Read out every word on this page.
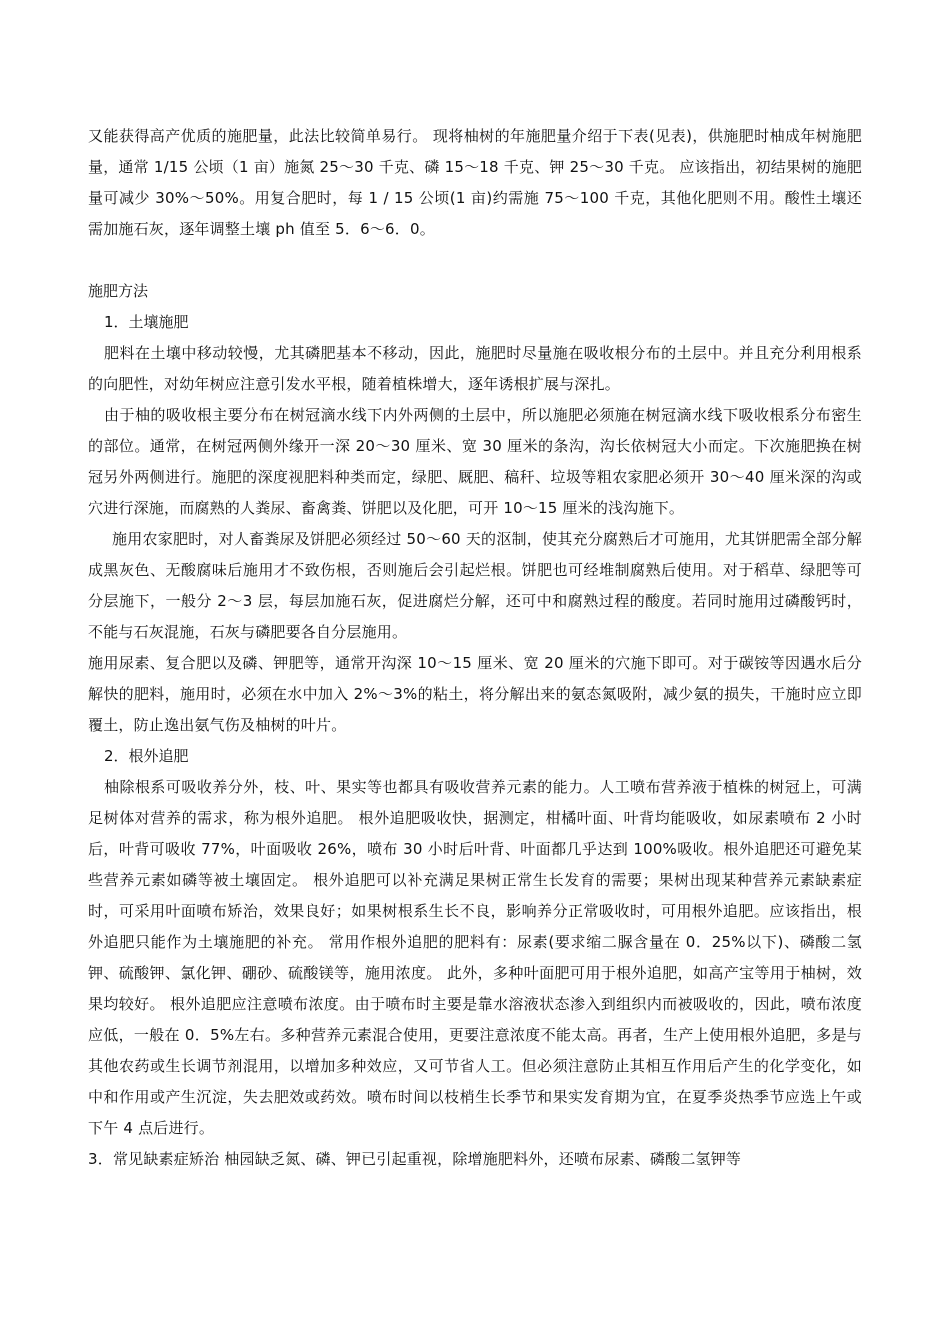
又能获得高产优质的施肥量，此法比较简单易行。 现将柚树的年施肥量介绍于下表(见表)，供施肥时柚成年树施肥量，通常 1/15 公顷（1 亩）施氮 25～30 千克、磷 15～18 千克、钾 25～30 千克。 应该指出，初结果树的施肥量可减少 30%～50%。用复合肥时，每 1 / 15 公顷(1 亩)约需施 75～100 千克，其他化肥则不用。酸性土壤还需加施石灰，逐年调整土壤 ph 值至 5．6～6．0。

施肥方法

1．土壤施肥

肥料在土壤中移动较慢，尤其磷肥基本不移动，因此，施肥时尽量施在吸收根分布的土层中。并且充分利用根系的向肥性，对幼年树应注意引发水平根，随着植株增大，逐年诱根扩展与深扎。

由于柚的吸收根主要分布在树冠滴水线下内外两侧的土层中，所以施肥必须施在树冠滴水线下吸收根系分布密生的部位。通常，在树冠两侧外缘开一深 20～30 厘米、宽 30 厘米的条沟，沟长依树冠大小而定。下次施肥换在树冠另外两侧进行。施肥的深度视肥料种类而定，绿肥、厩肥、稿秆、垃圾等粗农家肥必须开 30～40 厘米深的沟或穴进行深施，而腐熟的人粪尿、畜禽粪、饼肥以及化肥，可开 10～15 厘米的浅沟施下。

施用农家肥时，对人畜粪尿及饼肥必须经过 50～60 天的沤制，使其充分腐熟后才可施用，尤其饼肥需全部分解成黑灰色、无酸腐味后施用才不致伤根，否则施后会引起烂根。饼肥也可经堆制腐熟后使用。对于稻草、绿肥等可分层施下，一般分 2～3 层，每层加施石灰，促进腐烂分解，还可中和腐熟过程的酸度。若同时施用过磷酸钙时，不能与石灰混施，石灰与磷肥要各自分层施用。

施用尿素、复合肥以及磷、钾肥等，通常开沟深 10～15 厘米、宽 20 厘米的穴施下即可。对于碳铵等因遇水后分解快的肥料，施用时，必须在水中加入 2%～3%的粘土，将分解出来的氨态氮吸附，减少氨的损失，干施时应立即覆土，防止逸出氨气伤及柚树的叶片。

2．根外追肥

柚除根系可吸收养分外，枝、叶、果实等也都具有吸收营养元素的能力。人工喷布营养液于植株的树冠上，可满足树体对营养的需求，称为根外追肥。 根外追肥吸收快，据测定，柑橘叶面、叶背均能吸收，如尿素喷布 2 小时后，叶背可吸收 77%，叶面吸收 26%，喷布 30 小时后叶背、叶面都几乎达到 100%吸收。根外追肥还可避免某些营养元素如磷等被土壤固定。 根外追肥可以补充满足果树正常生长发育的需要；果树出现某种营养元素缺素症时，可采用叶面喷布矫治，效果良好；如果树根系生长不良，影响养分正常吸收时，可用根外追肥。应该指出，根外追肥只能作为土壤施肥的补充。 常用作根外追肥的肥料有：尿素(要求缩二脲含量在 0．25%以下)、磷酸二氢钾、硫酸钾、氯化钾、硼砂、硫酸镁等，施用浓度。 此外，多种叶面肥可用于根外追肥，如高产宝等用于柚树，效果均较好。 根外追肥应注意喷布浓度。由于喷布时主要是靠水溶液状态渗入到组织内而被吸收的，因此，喷布浓度应低，一般在 0．5%左右。多种营养元素混合使用，更要注意浓度不能太高。再者，生产上使用根外追肥，多是与其他农药或生长调节剂混用，以增加多种效应，又可节省人工。但必须注意防止其相互作用后产生的化学变化，如中和作用或产生沉淀，失去肥效或药效。喷布时间以枝梢生长季节和果实发育期为宜，在夏季炎热季节应选上午或下午 4 点后进行。

3．常见缺素症矫治 柚园缺乏氮、磷、钾已引起重视，除增施肥料外，还喷布尿素、磷酸二氢钾等
